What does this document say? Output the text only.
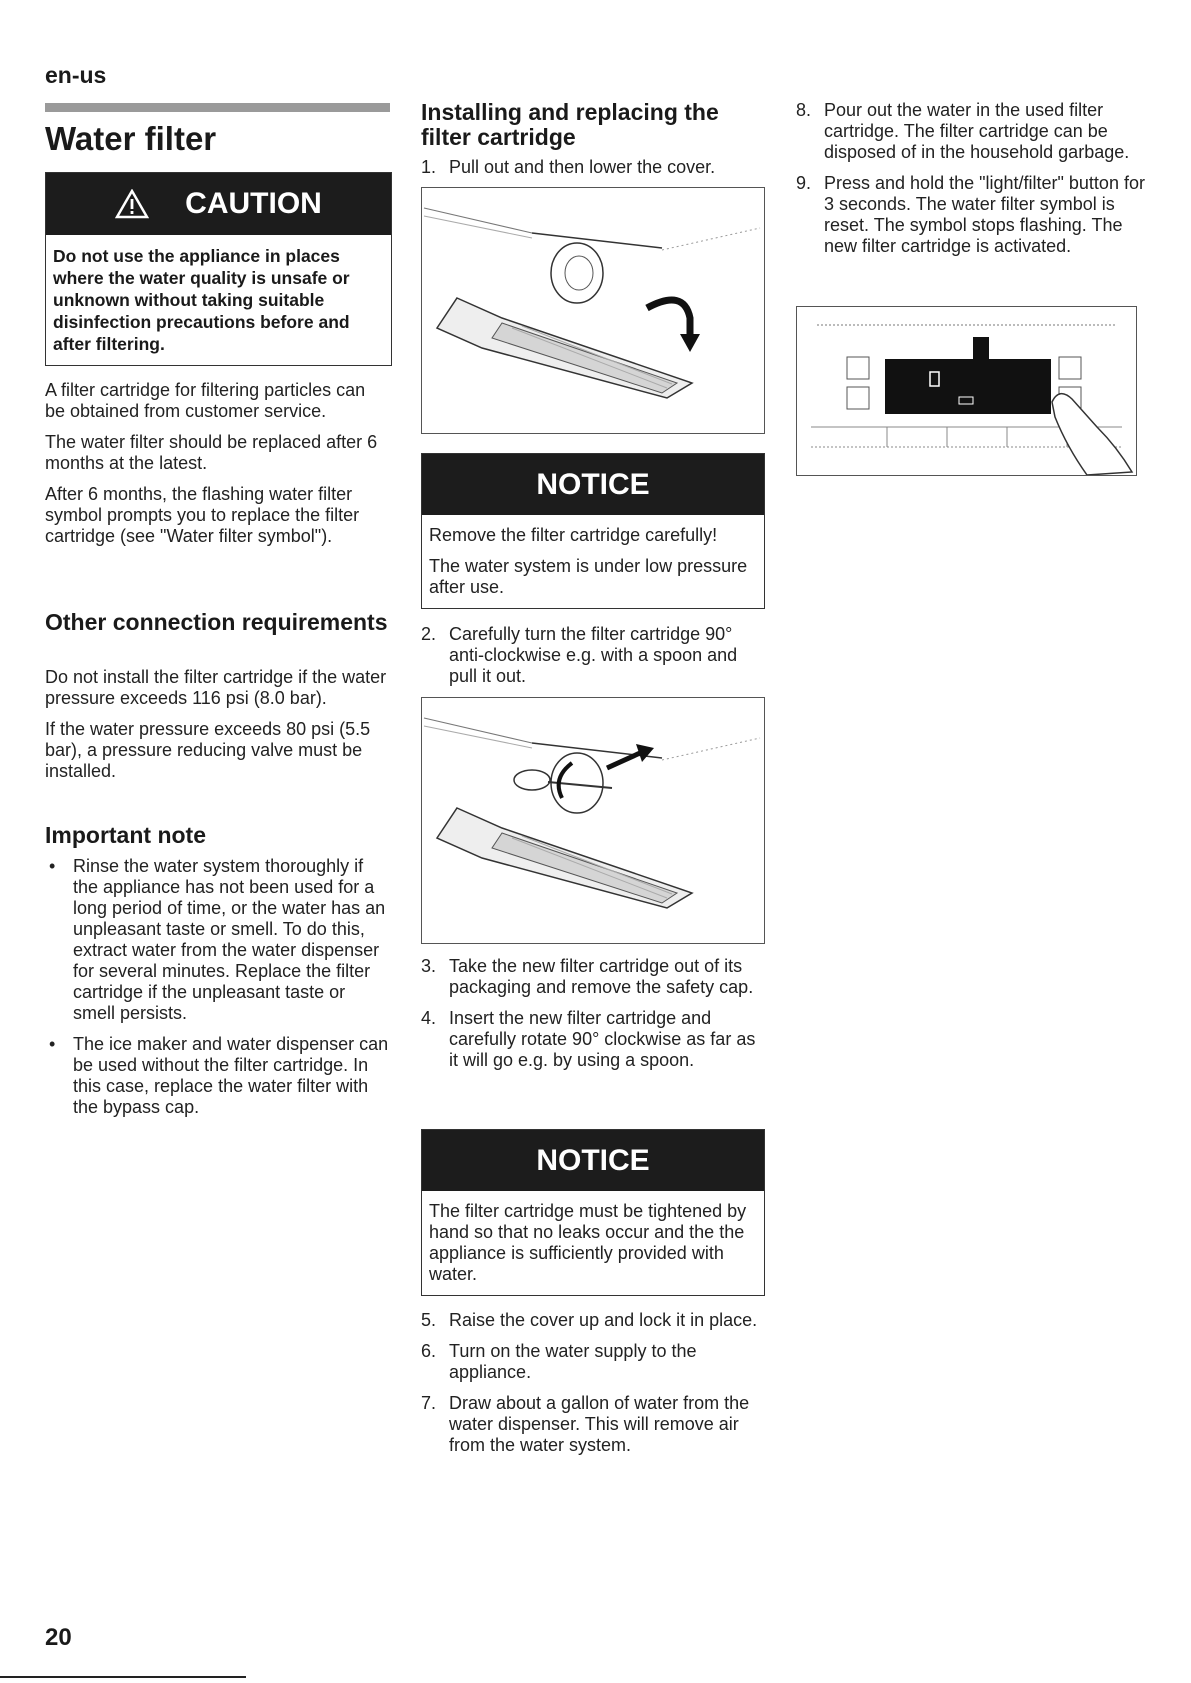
en-us
Water filter
CAUTION
Do not use the appliance in places where the water quality is unsafe or unknown without taking suitable disinfection precautions before and after filtering.

A filter cartridge for filtering particles can be obtained from customer service.

The water filter should be replaced after 6 months at the latest.

After 6 months, the flashing water filter symbol prompts you to replace the filter cartridge (see "Water filter symbol").

Other connection requirements

Do not install the filter cartridge if the water pressure exceeds 116 psi (8.0 bar).

If the water pressure exceeds 80 psi (5.5 bar), a pressure reducing valve must be installed.

Important note
• Rinse the water system thoroughly if the appliance has not been used for a long period of time, or the water has an unpleasant taste or smell. To do this, extract water from the water dispenser for several minutes. Replace the filter cartridge if the unpleasant taste or smell persists.
• The ice maker and water dispenser can be used without the filter cartridge. In this case, replace the water filter with the bypass cap.
Installing and replacing the filter cartridge
1. Pull out and then lower the cover.
NOTICE

Remove the filter cartridge carefully!

The water system is under low pressure after use.

2. Carefully turn the filter cartridge 90° anti-clockwise e.g. with a spoon and pull it out.
3. Take the new filter cartridge out of its packaging and remove the safety cap.
4. Insert the new filter cartridge and carefully rotate 90° clockwise as far as it will go e.g. by using a spoon.
NOTICE
The filter cartridge must be tightened by hand so that no leaks occur and the the appliance is sufficiently provided with water.
5. Raise the cover up and lock it in place.
6. Turn on the water supply to the appliance.
7. Draw about a gallon of water from the water dispenser. This will remove air from the water system.
8. Pour out the water in the used filter cartridge. The filter cartridge can be disposed of in the household garbage.
9. Press and hold the "light/filter" button for 3 seconds. The water filter symbol is reset. The symbol stops flashing. The new filter cartridge is activated.
20
